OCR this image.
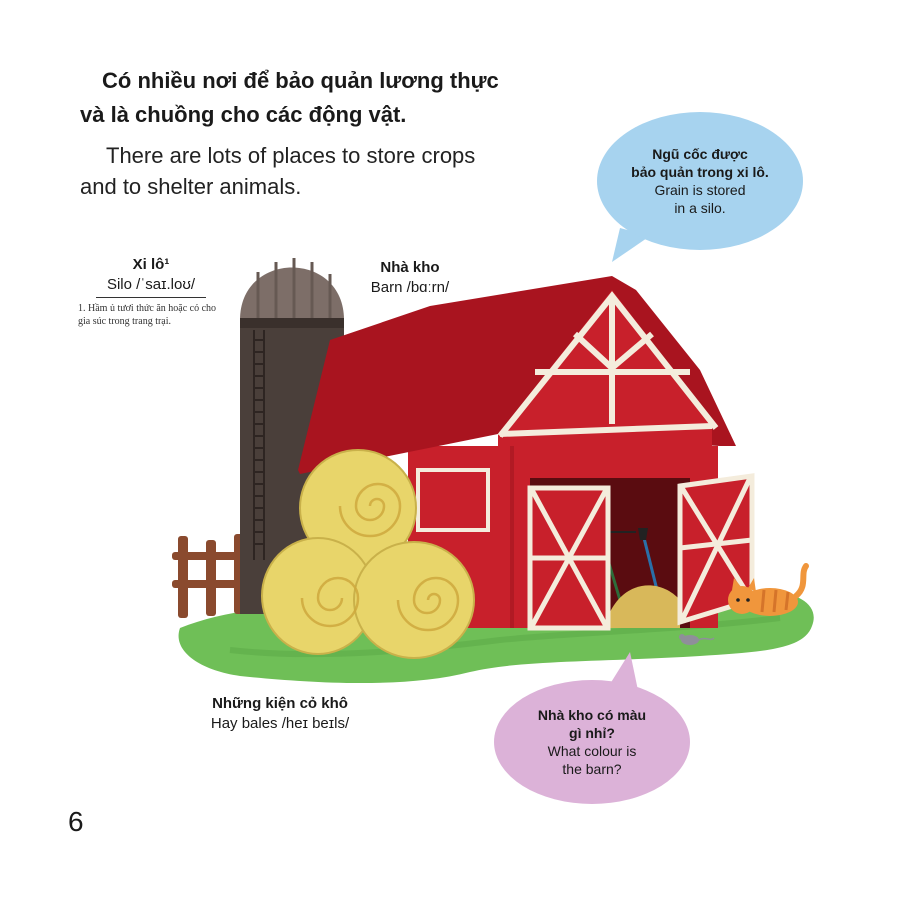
Có nhiều nơi để bảo quản lương thực
và là chuồng cho các động vật.

There are lots of places to store crops
and to shelter animals.

Xi lô¹
Silo /ˈsaɪ.loʊ/
1. Hầm ủ tươi thức ăn hoặc cỏ cho gia súc trong trang trại.
Nhà kho
Barn /bɑːrn/
Những kiện cỏ khô
Hay bales /heɪ beɪls/
Ngũ cốc được
bảo quản trong xi lô.
Grain is stored
in a silo.
Nhà kho có màu
gì nhỉ?
What colour is
the barn?
6
